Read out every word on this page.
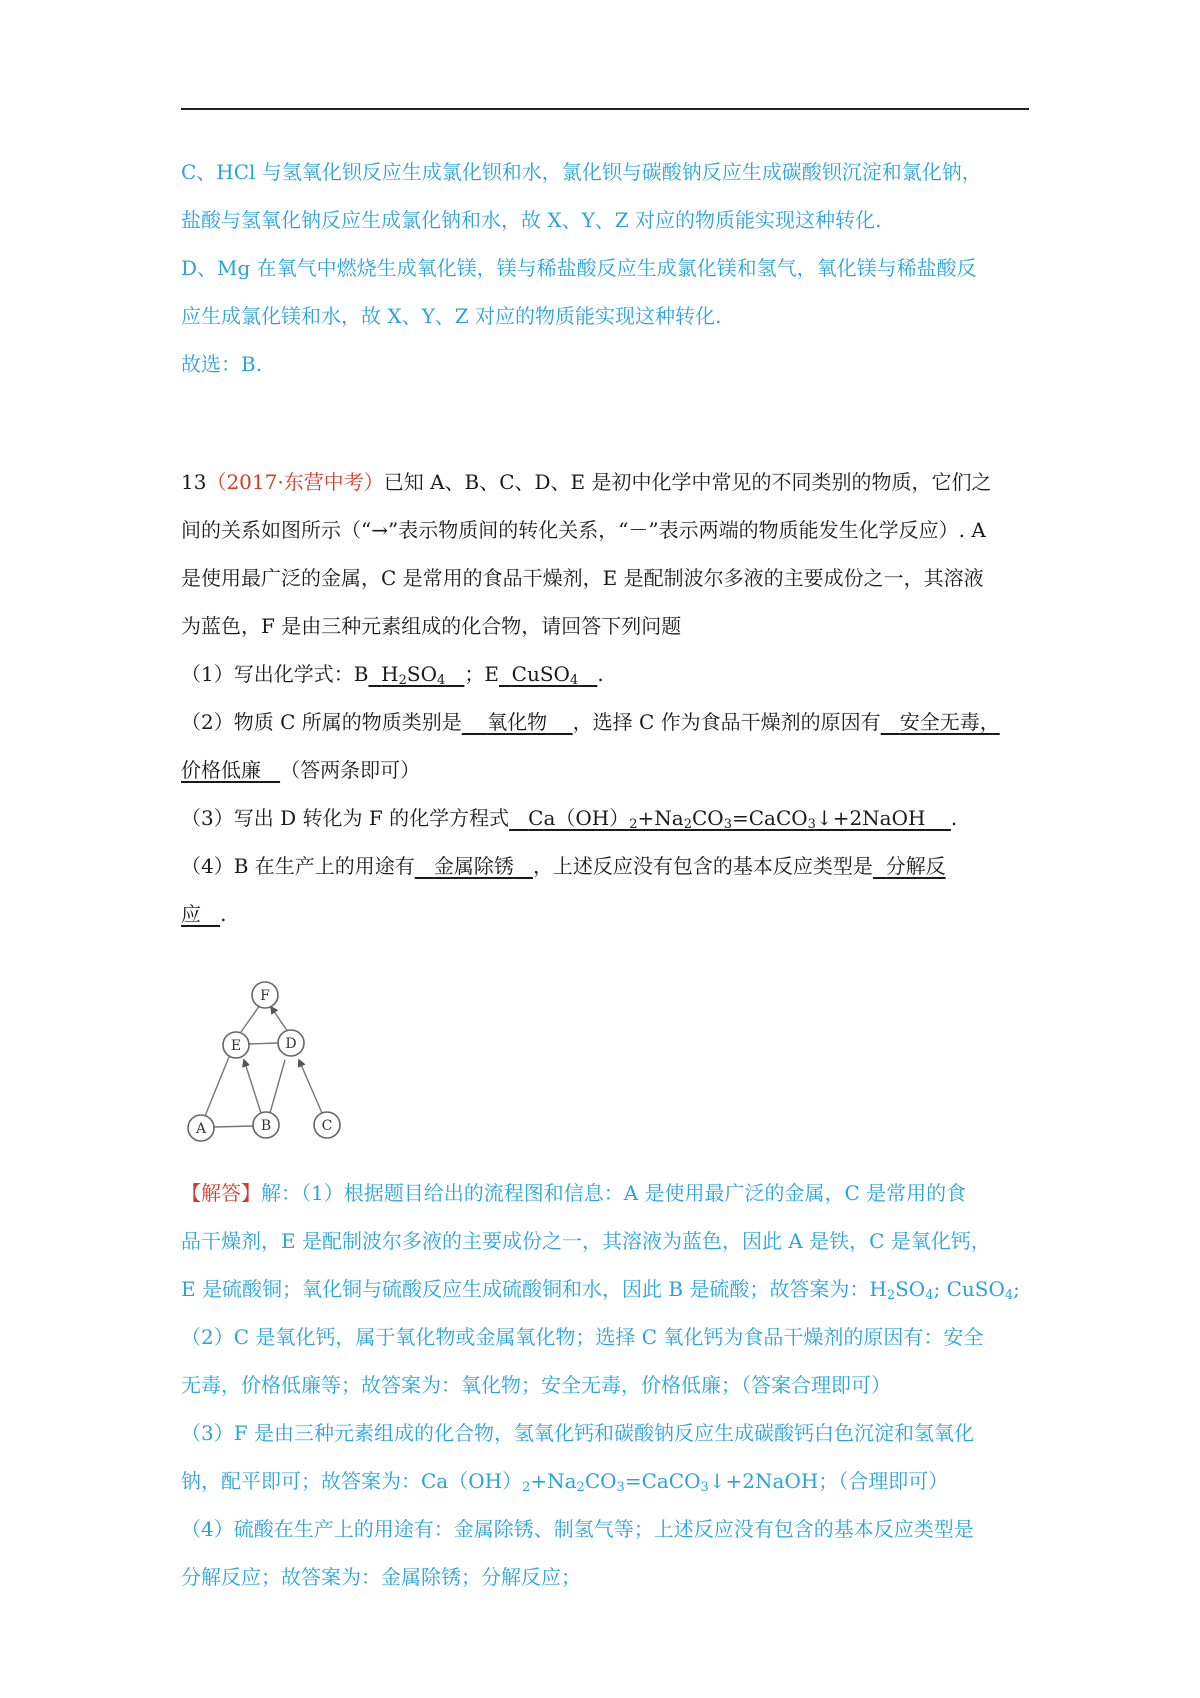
C、HCl 与氢氧化钡反应生成氯化钡和水，氯化钡与碳酸钠反应生成碳酸钡沉淀和氯化钠，
盐酸与氢氧化钠反应生成氯化钠和水，故 X、Y、Z 对应的物质能实现这种转化.
D、Mg 在氧气中燃烧生成氧化镁，镁与稀盐酸反应生成氯化镁和氢气，氧化镁与稀盐酸反
应生成氯化镁和水，故 X、Y、Z 对应的物质能实现这种转化.
故选：B.
13（2017·东营中考）已知 A、B、C、D、E 是初中化学中常见的不同类别的物质，它们之
间的关系如图所示（“→”表示物质间的转化关系，“－”表示两端的物质能发生化学反应）. A
是使用最广泛的金属，C 是常用的食品干燥剂，E 是配制波尔多液的主要成份之一，其溶液
为蓝色，F 是由三种元素组成的化合物，请回答下列问题
（1）写出化学式：B $H_2SO_4$ ；E CuSO$_4$ .
（2）物质 C 所属的物质类别是 氧化物 ，选择 C 作为食品干燥剂的原因有 安全无毒，
价格低廉 （答两条即可）
（3）写出 D 转化为 F 的化学方程式 $Ca(OH)_2+Na_2CO_3=CaCO_3↓+2NaOH$ .
（4）B 在生产上的用途有 金属除锈 ，上述反应没有包含的基本反应类型是 分解反
应 .
F
E	D
A	B	C
【解答】解：（1）根据题目给出的流程图和信息：A 是使用最广泛的金属，C 是常用的食
品干燥剂，E 是配制波尔多液的主要成份之一，其溶液为蓝色，因此 A 是铁，C 是氧化钙，
E 是硫酸铜；氧化铜与硫酸反应生成硫酸铜和水，因此 B 是硫酸；故答案为：$H_2SO_4$; CuSO$_4$;
（2）C 是氧化钙，属于氧化物或金属氧化物；选择 C 氧化钙为食品干燥剂的原因有：安全
无毒，价格低廉等；故答案为：氧化物；安全无毒，价格低廉；（答案合理即可）
（3）F 是由三种元素组成的化合物，氢氧化钙和碳酸钠反应生成碳酸钙白色沉淀和氢氧化
钠，配平即可；故答案为：$Ca(OH)_2+Na_2CO_3=CaCO_3↓+2NaOH$；（合理即可）
（4）硫酸在生产上的用途有：金属除锈、制氢气等；上述反应没有包含的基本反应类型是
分解反应；故答案为：金属除锈；分解反应；
